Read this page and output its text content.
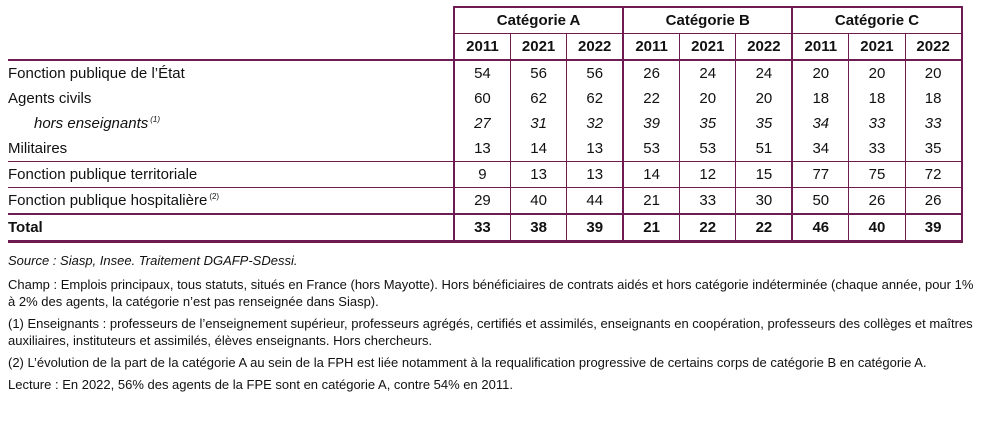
	Catégorie A			Catégorie B			Catégorie C		
	2011	2021	2022	2011	2021	2022	2011	2021	2022
Fonction publique de l’État	54	56	56	26	24	24	20	20	20
Agents civils	60	62	62	22	20	20	18	18	18
hors enseignants $^{(1)}$	27	31	32	39	35	35	34	33	33
Militaires	13	14	13	53	53	51	34	33	35
Fonction publique territoriale	9	13	13	14	12	15	77	75	72
Fonction publique hospitalière $^{(2)}$	29	40	44	21	33	30	50	26	26
Total	33	38	39	21	22	22	46	40	39

Source : Siasp, Insee. Traitement DGAFP-SDessi.

Champ : Emplois principaux, tous statuts, situés en France (hors Mayotte). Hors bénéficiaires de contrats aidés et hors catégorie indéterminée (chaque année, pour 1% à 2% des agents, la catégorie n’est pas renseignée dans Siasp).

(1) Enseignants : professeurs de l’enseignement supérieur, professeurs agrégés, certifiés et assimilés, enseignants en coopération, professeurs des collèges et maîtres auxiliaires, instituteurs et assimilés, élèves enseignants. Hors chercheurs.

(2) L’évolution de la part de la catégorie A au sein de la FPH est liée notamment à la requalification progressive de certains corps de catégorie B en catégorie A.

Lecture : En 2022, 56% des agents de la FPE sont en catégorie A, contre 54% en 2011.
